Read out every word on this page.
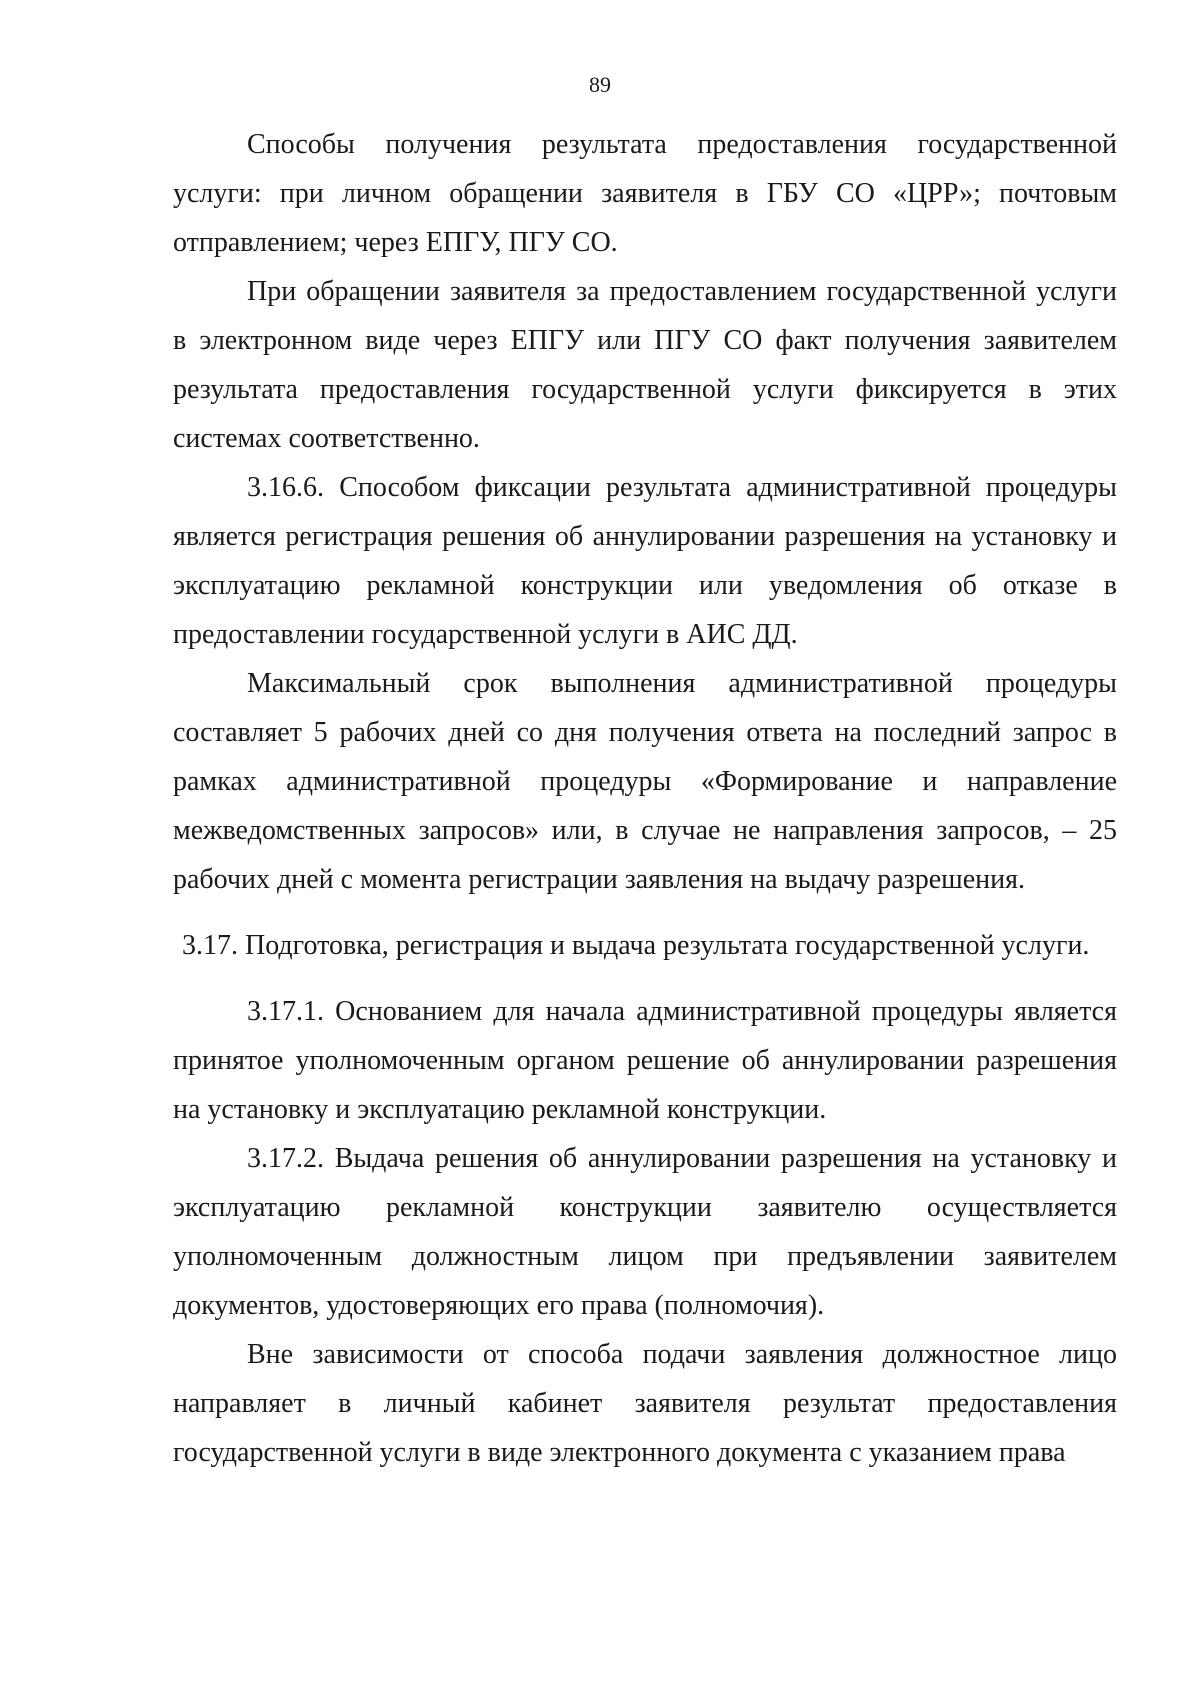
89

Способы получения результата предоставления государственной услуги: при личном обращении заявителя в ГБУ СО «ЦРР»; почтовым отправлением; через ЕПГУ, ПГУ СО.

При обращении заявителя за предоставлением государственной услуги в электронном виде через ЕПГУ или ПГУ СО факт получения заявителем результата предоставления государственной услуги фиксируется в этих системах соответственно.

3.16.6. Способом фиксации результата административной процедуры является регистрация решения об аннулировании разрешения на установку и эксплуатацию рекламной конструкции или уведомления об отказе в предоставлении государственной услуги в АИС ДД.

Максимальный срок выполнения административной процедуры составляет 5 рабочих дней со дня получения ответа на последний запрос в рамках административной процедуры «Формирование и направление межведомственных запросов» или, в случае не направления запросов, – 25 рабочих дней с момента регистрации заявления на выдачу разрешения.

3.17. Подготовка, регистрация и выдача результата государственной услуги.

3.17.1. Основанием для начала административной процедуры является принятое уполномоченным органом решение об аннулировании разрешения на установку и эксплуатацию рекламной конструкции.

3.17.2. Выдача решения об аннулировании разрешения на установку и эксплуатацию рекламной конструкции заявителю осуществляется уполномоченным должностным лицом при предъявлении заявителем документов, удостоверяющих его права (полномочия).

Вне зависимости от способа подачи заявления должностное лицо направляет в личный кабинет заявителя результат предоставления государственной услуги в виде электронного документа с указанием права
